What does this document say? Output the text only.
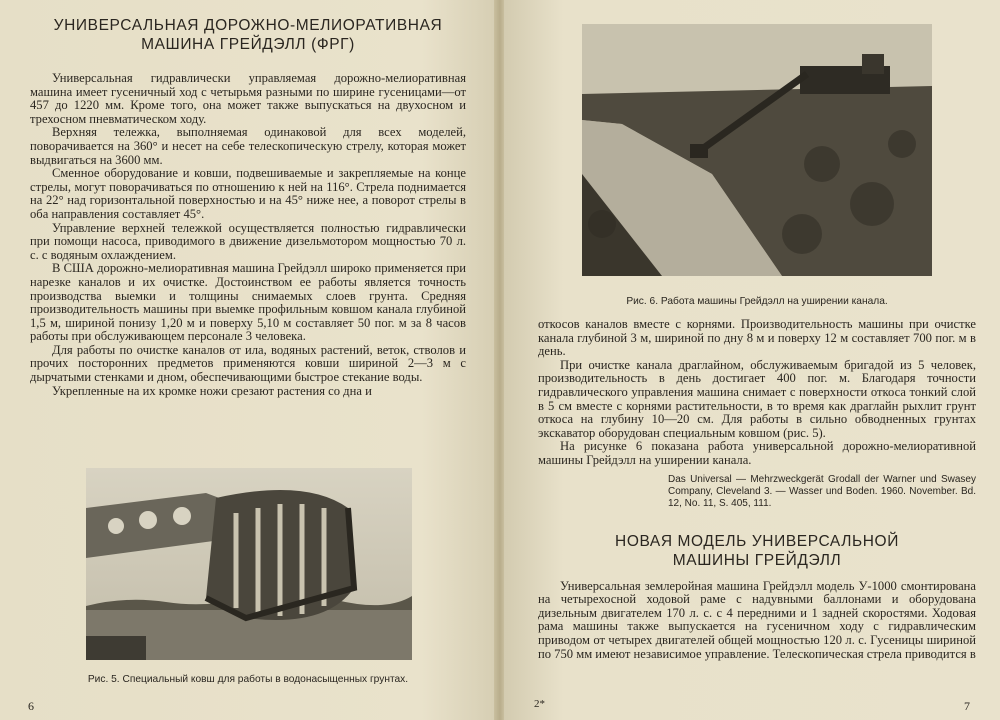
УНИВЕРСАЛЬНАЯ ДОРОЖНО-МЕЛИОРАТИВНАЯ
МАШИНА ГРЕЙДЭЛЛ (ФРГ)

Универсальная гидравлически управляемая дорожно-мелиоративная машина имеет гусеничный ход с четырьмя разными по ширине гусеницами—от 457 до 1220 мм. Кроме того, она может также выпускаться на двухосном и трехосном пневматическом ходу.

Верхняя тележка, выполняемая одинаковой для всех моделей, поворачивается на 360° и несет на себе телескопическую стрелу, которая может выдвигаться на 3600 мм.

Сменное оборудование и ковши, подвешиваемые и закрепляемые на конце стрелы, могут поворачиваться по отношению к ней на 116°. Стрела поднимается на 22° над горизонтальной поверхностью и на 45° ниже нее, а поворот стрелы в оба направления составляет 45°.

Управление верхней тележкой осуществляется полностью гидравлически при помощи насоса, приводимого в движение дизельмотором мощностью 70 л. с. с водяным охлаждением.

В США дорожно-мелиоративная машина Грейдэлл широко применяется при нарезке каналов и их очистке. Достоинством ее работы является точность производства выемки и толщины снимаемых слоев грунта. Средняя производительность машины при выемке профильным ковшом канала глубиной 1,5 м, шириной понизу 1,20 м и поверху 5,10 м составляет 50 пог. м за 8 часов работы при обслуживающем персонале 3 человека.

Для работы по очистке каналов от ила, водяных растений, веток, стволов и прочих посторонних предметов применяются ковши шириной 2—3 м с дырчатыми стенками и дном, обеспечивающими быстрое стекание воды.

Укрепленные на их кромке ножи срезают растения со дна и

Рис. 5. Специальный ковш для работы в водонасыщенных грунтах.
6
Рис. 6. Работа машины Грейдэлл на уширении канала.

откосов каналов вместе с корнями. Производительность машины при очистке канала глубиной 3 м, шириной по дну 8 м и поверху 12 м составляет 700 пог. м в день.

При очистке канала драглайном, обслуживаемым бригадой из 5 человек, производительность в день достигает 400 пог. м. Благодаря точности гидравлического управления машина снимает с поверхности откоса тонкий слой в 5 см вместе с корнями растительности, в то время как драглайн рыхлит грунт откоса на глубину 10—20 см. Для работы в сильно обводненных грунтах экскаватор оборудован специальным ковшом (рис. 5).

На рисунке 6 показана работа универсальной дорожно-мелиоративной машины Грейдэлл на уширении канала.

Das Universal — Mehrzweckgerät Grodall der Warner und Swasey Company, Cleveland 3. — Wasser und Boden. 1960. November. Bd. 12, No. 11, S. 405, 111.
НОВАЯ МОДЕЛЬ УНИВЕРСАЛЬНОЙ
МАШИНЫ ГРЕЙДЭЛЛ

Универсальная землеройная машина Грейдэлл модель У-1000 смонтирована на четырехосной ходовой раме с надувными баллонами и оборудована дизельным двигателем 170 л. с. с 4 передними и 1 задней скоростями. Ходовая рама машины также выпускается на гусеничном ходу с гидравлическим приводом от четырех двигателей общей мощностью 120 л. с. Гусеницы шириной по 750 мм имеют независимое управление. Телескопическая стрела приводится в

2*	7
